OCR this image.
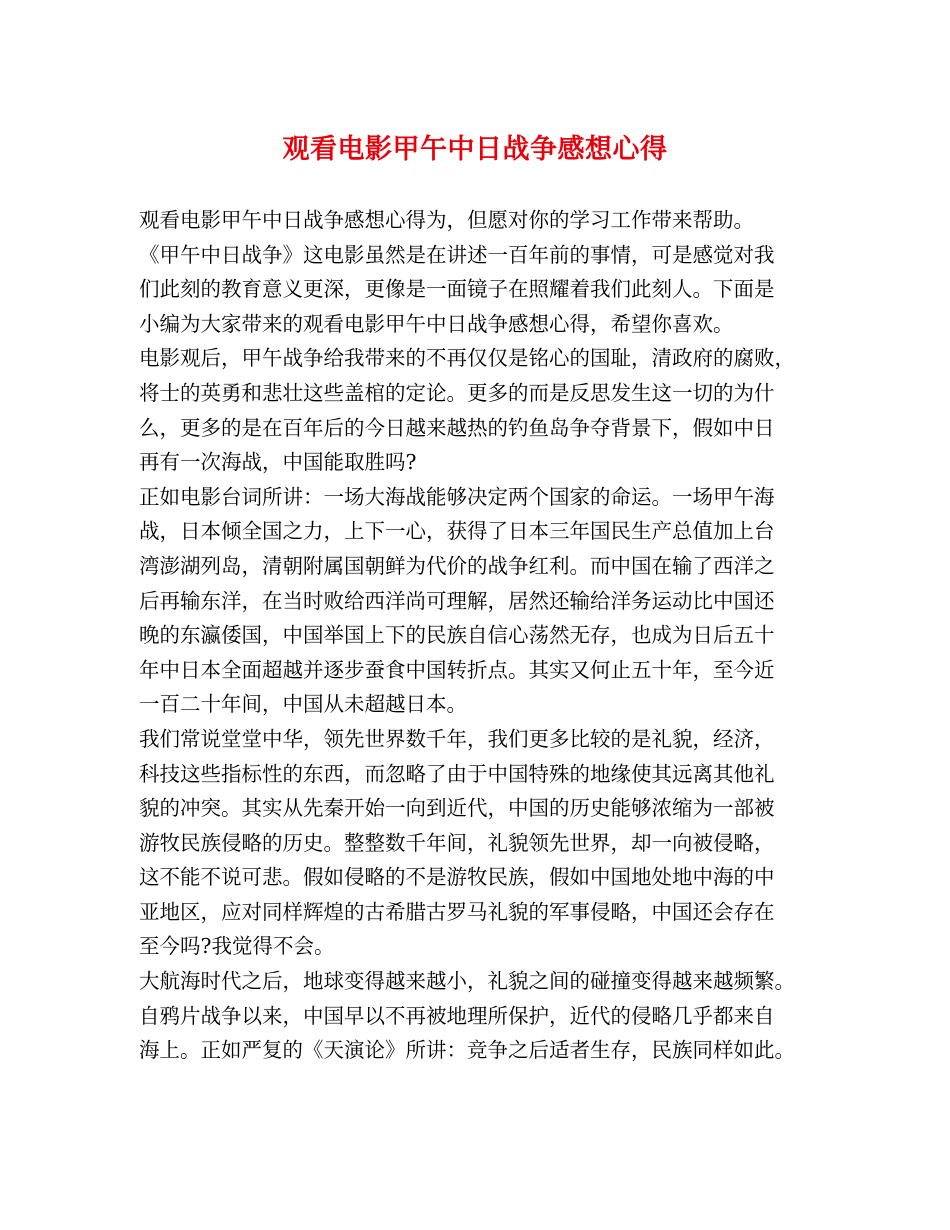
观看电影甲午中日战争感想心得
观看电影甲午中日战争感想心得为，但愿对你的学习工作带来帮助。
《甲午中日战争》这电影虽然是在讲述一百年前的事情，可是感觉对我
们此刻的教育意义更深，更像是一面镜子在照耀着我们此刻人。下面是
小编为大家带来的观看电影甲午中日战争感想心得，希望你喜欢。
电影观后，甲午战争给我带来的不再仅仅是铭心的国耻，清政府的腐败，
将士的英勇和悲壮这些盖棺的定论。更多的而是反思发生这一切的为什
么，更多的是在百年后的今日越来越热的钓鱼岛争夺背景下，假如中日
再有一次海战，中国能取胜吗?
正如电影台词所讲：一场大海战能够决定两个国家的命运。一场甲午海
战，日本倾全国之力，上下一心，获得了日本三年国民生产总值加上台
湾澎湖列岛，清朝附属国朝鲜为代价的战争红利。而中国在输了西洋之
后再输东洋，在当时败给西洋尚可理解，居然还输给洋务运动比中国还
晚的东瀛倭国，中国举国上下的民族自信心荡然无存，也成为日后五十
年中日本全面超越并逐步蚕食中国转折点。其实又何止五十年，至今近
一百二十年间，中国从未超越日本。
我们常说堂堂中华，领先世界数千年，我们更多比较的是礼貌，经济，
科技这些指标性的东西，而忽略了由于中国特殊的地缘使其远离其他礼
貌的冲突。其实从先秦开始一向到近代，中国的历史能够浓缩为一部被
游牧民族侵略的历史。整整数千年间，礼貌领先世界，却一向被侵略，
这不能不说可悲。假如侵略的不是游牧民族，假如中国地处地中海的中
亚地区，应对同样辉煌的古希腊古罗马礼貌的军事侵略，中国还会存在
至今吗?我觉得不会。
大航海时代之后，地球变得越来越小，礼貌之间的碰撞变得越来越频繁。
自鸦片战争以来，中国早以不再被地理所保护，近代的侵略几乎都来自
海上。正如严复的《天演论》所讲：竞争之后适者生存，民族同样如此。
